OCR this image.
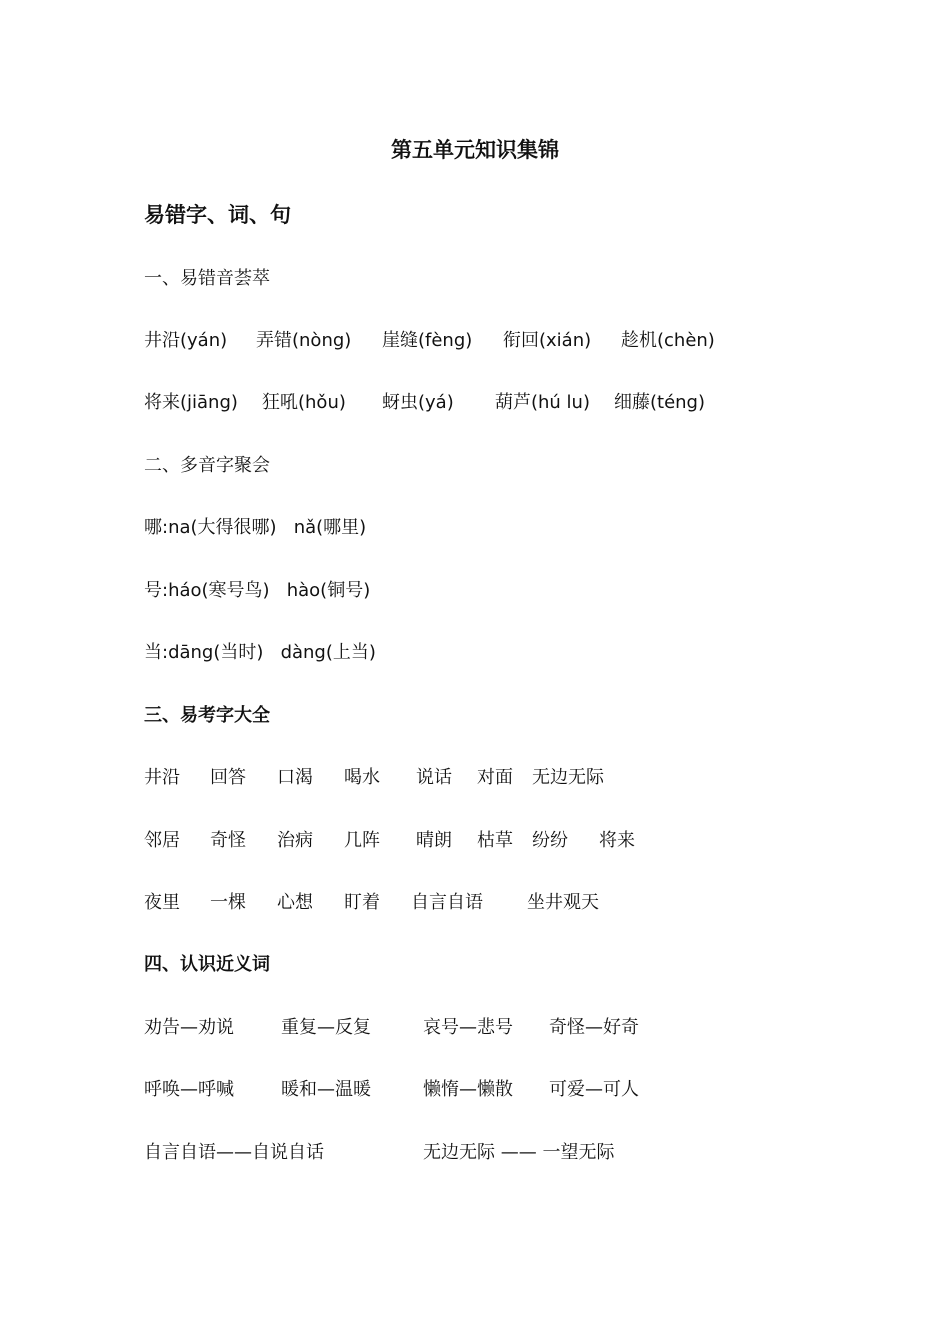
第五单元知识集锦
易错字、词、句
一、易错音荟萃
井沿(yán) 弄错(nòng) 崖缝(fèng) 衔回(xián) 趁机(chèn)
将来(jiāng) 狂吼(hǒu) 蚜虫(yá) 葫芦(hú lu) 细藤(téng)
二、多音字聚会
哪:na(大得很哪)   nǎ(哪里)
号:háo(寒号鸟)   hào(铜号)
当:dāng(当时)   dàng(上当)
三、易考字大全
井沿 回答 口渴 喝水 说话 对面 无边无际
邻居 奇怪 治病 几阵 晴朗 枯草 纷纷 将来
夜里 一棵 心想 盯着 自言自语 坐井观天
四、认识近义词
劝告—劝说	重复—反复	哀号—悲号 奇怪—好奇
呼唤—呼喊	暖和—温暖	懒惰—懒散 可爱—可人
自言自语——自说自话	无边无际 —— 一望无际
